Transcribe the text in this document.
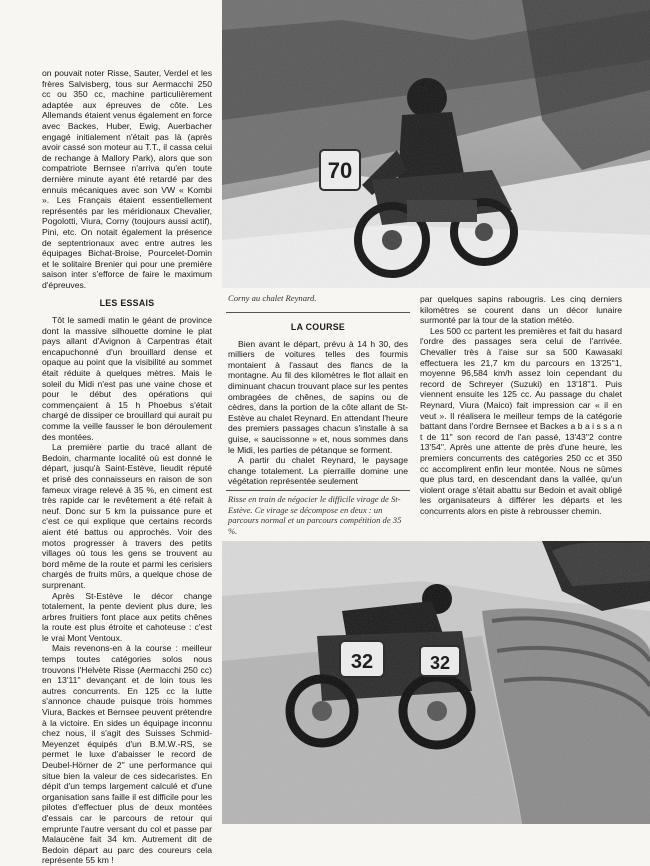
on pouvait noter Risse, Sauter, Verdel et les frères Salvisberg, tous sur Aermacchi 250 cc ou 350 cc, machine particulièrement adaptée aux épreuves de côte. Les Allemands étaient venus également en force avec Backes, Huber, Ewig, Auerbacher engagé initialement n'était pas là (après avoir cassé son moteur au T.T., il cassa celui de rechange à Mallory Park), alors que son compatriote Bernsee n'arriva qu'en toute dernière minute ayant été retardé par des ennuis mécaniques avec son VW « Kombi ». Les Français étaient essentiellement représentés par les méridionaux Chevalier, Pogolotti, Viura, Corny (toujours aussi actif), Pini, etc. On notait également la présence de septentrionaux avec entre autres les équipages Bichat-Broise, Pourcelet-Domin et le solitaire Brenier qui pour une première saison inter s'efforce de faire le maximum d'épreuves.

LES ESSAIS

Tôt le samedi matin le géant de province dont la massive silhouette domine le plat pays allant d'Avignon à Carpentras était encapuchonné d'un brouillard dense et opaque au point que la visibilité au sommet était réduite à quelques mètres. Mais le soleil du Midi n'est pas une vaine chose et pour le début des opérations qui commençaient à 15 h Phoebus s'était chargé de dissiper ce brouillard qui aurait pu comme la veille fausser le bon déroulement des montées.

La première partie du tracé allant de Bedoin, charmante localité où est donné le départ, jusqu'à Saint-Estève, lieudit réputé et prisé des connaisseurs en raison de son fameux virage relevé à 35 %, en ciment est très rapide car le revêtement a été refait à neuf. Donc sur 5 km la puissance pure et c'est ce qui explique que certains records aient été battus ou approchés. Voir des motos progresser à travers des petits villages où tous les gens se trouvent au bord même de la route et parmi les cerisiers chargés de fruits mûrs, a quelque chose de surprenant.

Après St-Estève le décor change totalement, la pente devient plus dure, les arbres fruitiers font place aux petits chênes la route est plus étroite et cahoteuse : c'est le vrai Mont Ventoux.

Mais revenons-en à la course : meilleur temps toutes catégories solos nous trouvons l'Helvète Risse (Aermacchi 250 cc) en 13'11'' devançant et de loin tous les autres concurrents. En 125 cc la lutte s'annonce chaude puisque trois hommes Viura, Backes et Bernsee peuvent prétendre à la victoire. En sides un équipage inconnu chez nous, il s'agit des Suisses Schmid-Meyenzet équipés d'un B.M.W.-RS, se permet le luxe d'abaisser le record de Deubel-Hörner de 2'' une performance qui situe bien la valeur de ces sidecaristes. En dépit d'un temps largement calculé et d'une organisation sans faille il est difficile pour les pilotes d'effectuer plus de deux montées d'essais car le parcours de retour qui emprunte l'autre versant du col et passe par Malaucène fait 34 km. Autrement dit de Bedoin départ au parc des coureurs cela représente 55 km !

Corny au chalet Reynard.
LA COURSE

Bien avant le départ, prévu à 14 h 30, des milliers de voitures telles des fourmis montaient à l'assaut des flancs de la montagne. Au fil des kilomètres le flot allait en diminuant chacun trouvant place sur les pentes ombragées de chênes, de sapins ou de cèdres, dans la portion de la côte allant de St-Estève au chalet Reynard. En attendant l'heure des premiers passages chacun s'installe à sa guise, « saucissonne » et, nous sommes dans le Midi, les parties de pétanque se forment.

A partir du chalet Reynard, le paysage change totalement. La pierraille domine une végétation représentée seulement

Risse en train de négocier le difficile virage de St-Estève. Ce virage se décompose en deux : un parcours normal et un parcours compétition de 35 %.

par quelques sapins rabougris. Les cinq derniers kilomètres se courent dans un décor lunaire surmonté par la tour de la station météo.

Les 500 cc partent les premières et fait du hasard l'ordre des passages sera celui de l'arrivée. Chevalier très à l'aise sur sa 500 Kawasaki effectuera les 21,7 km du parcours en 13'25''1, moyenne 96,584 km/h assez loin cependant du record de Schreyer (Suzuki) en 13'18''1. Puis viennent ensuite les 125 cc. Au passage du chalet Reynard, Viura (Maico) fait impression car « il en veut ». Il réalisera le meilleur temps de la catégorie battant dans l'ordre Bernsee et Backes a b a i s s a n t de 11'' son record de l'an passé, 13'43''2 contre 13'54''. Après une attente de près d'une heure, les premiers concurrents des catégories 250 cc et 350 cc accomplirent enfin leur montée. Nous ne sûmes que plus tard, en descendant dans la vallée, qu'un violent orage s'était abattu sur Bedoin et avait obligé les organisateurs à différer les départs et les concurrents alors en piste à rebrousser chemin.
